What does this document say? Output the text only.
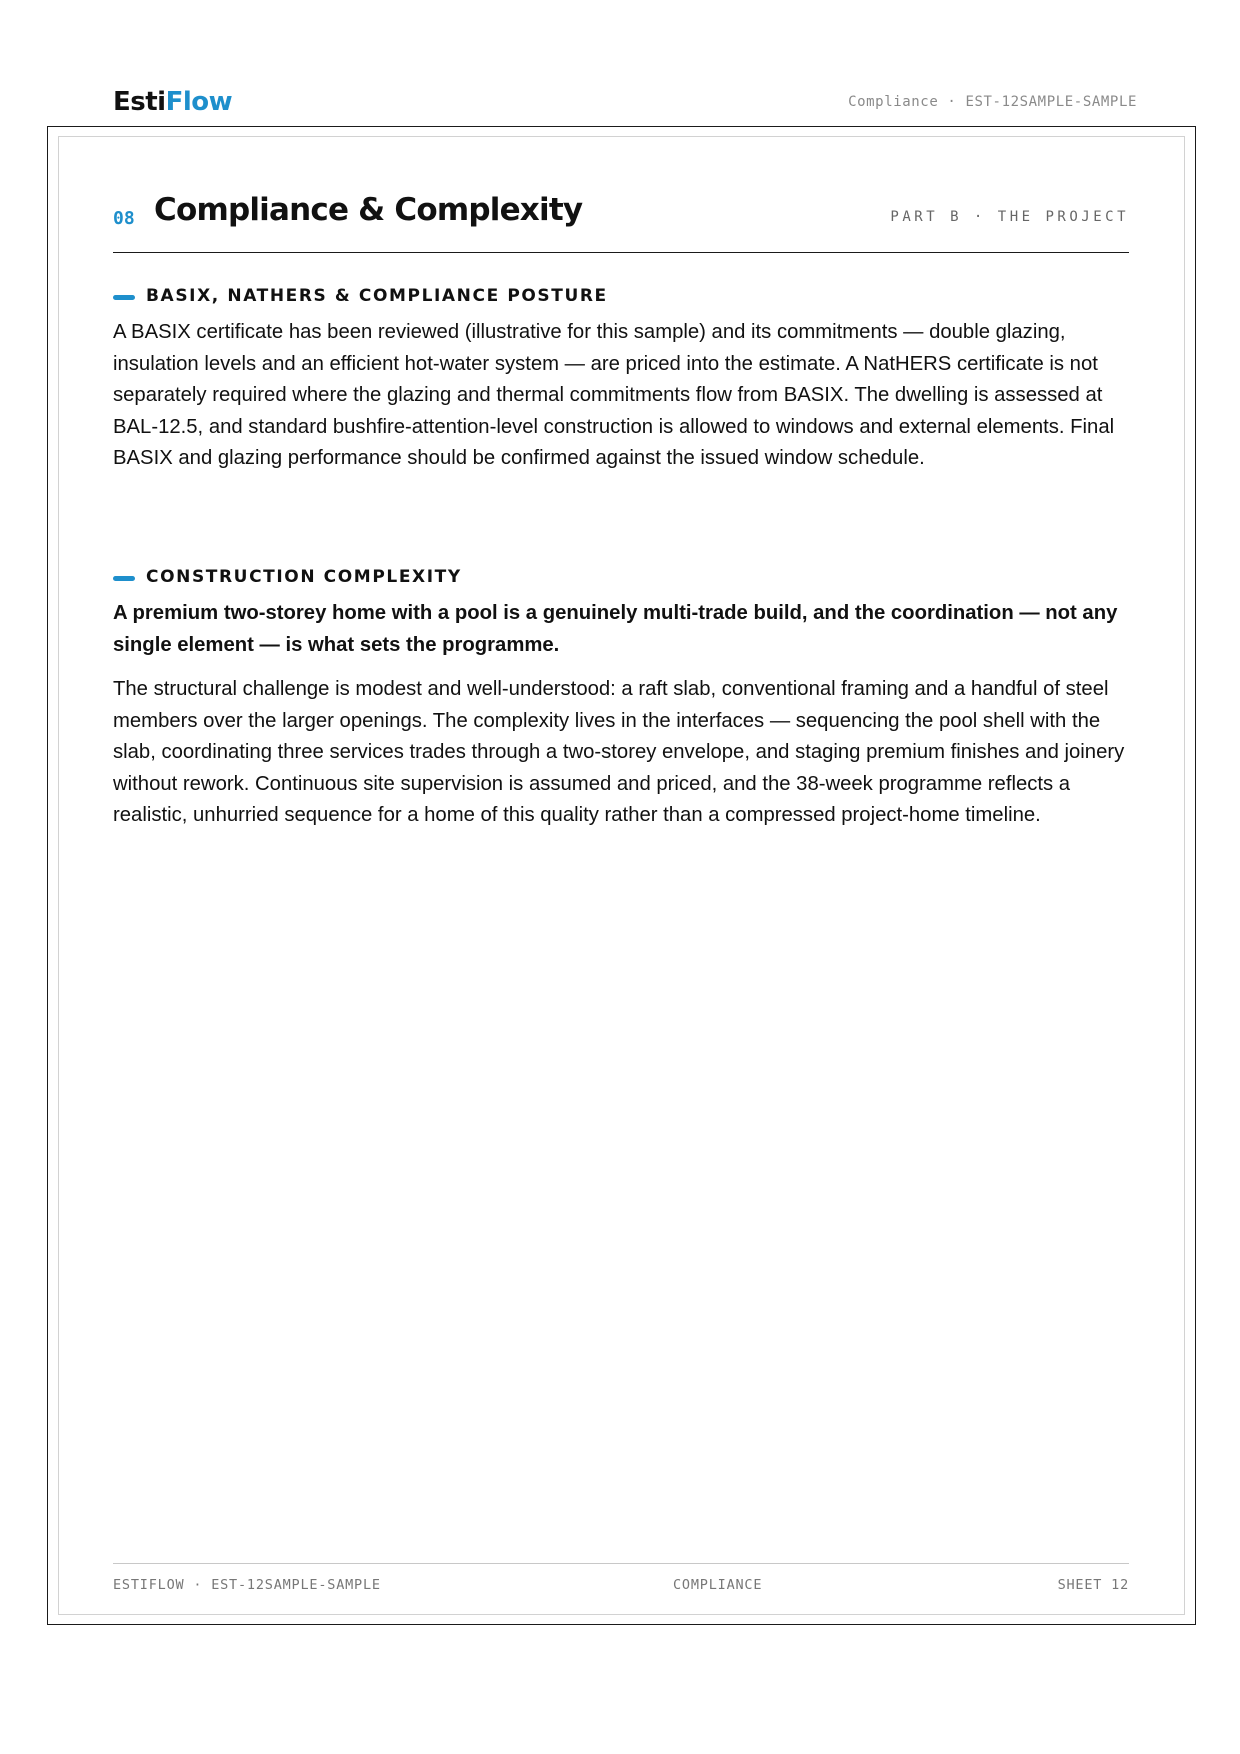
EstiFlow	Compliance · EST-12SAMPLE-SAMPLE
08 Compliance & Complexity	PART B · THE PROJECT
BASIX, NATHERS & COMPLIANCE POSTURE

A BASIX certificate has been reviewed (illustrative for this sample) and its commitments — double glazing, insulation levels and an efficient hot-water system — are priced into the estimate. A NatHERS certificate is not separately required where the glazing and thermal commitments flow from BASIX. The dwelling is assessed at BAL-12.5, and standard bushfire-attention-level construction is allowed to windows and external elements. Final BASIX and glazing performance should be confirmed against the issued window schedule.

CONSTRUCTION COMPLEXITY

A premium two-storey home with a pool is a genuinely multi-trade build, and the coordination — not any single element — is what sets the programme.

The structural challenge is modest and well-understood: a raft slab, conventional framing and a handful of steel members over the larger openings. The complexity lives in the interfaces — sequencing the pool shell with the slab, coordinating three services trades through a two-storey envelope, and staging premium finishes and joinery without rework. Continuous site supervision is assumed and priced, and the 38-week programme reflects a realistic, unhurried sequence for a home of this quality rather than a compressed project-home timeline.

ESTIFLOW · EST-12SAMPLE-SAMPLE	COMPLIANCE	SHEET 12
